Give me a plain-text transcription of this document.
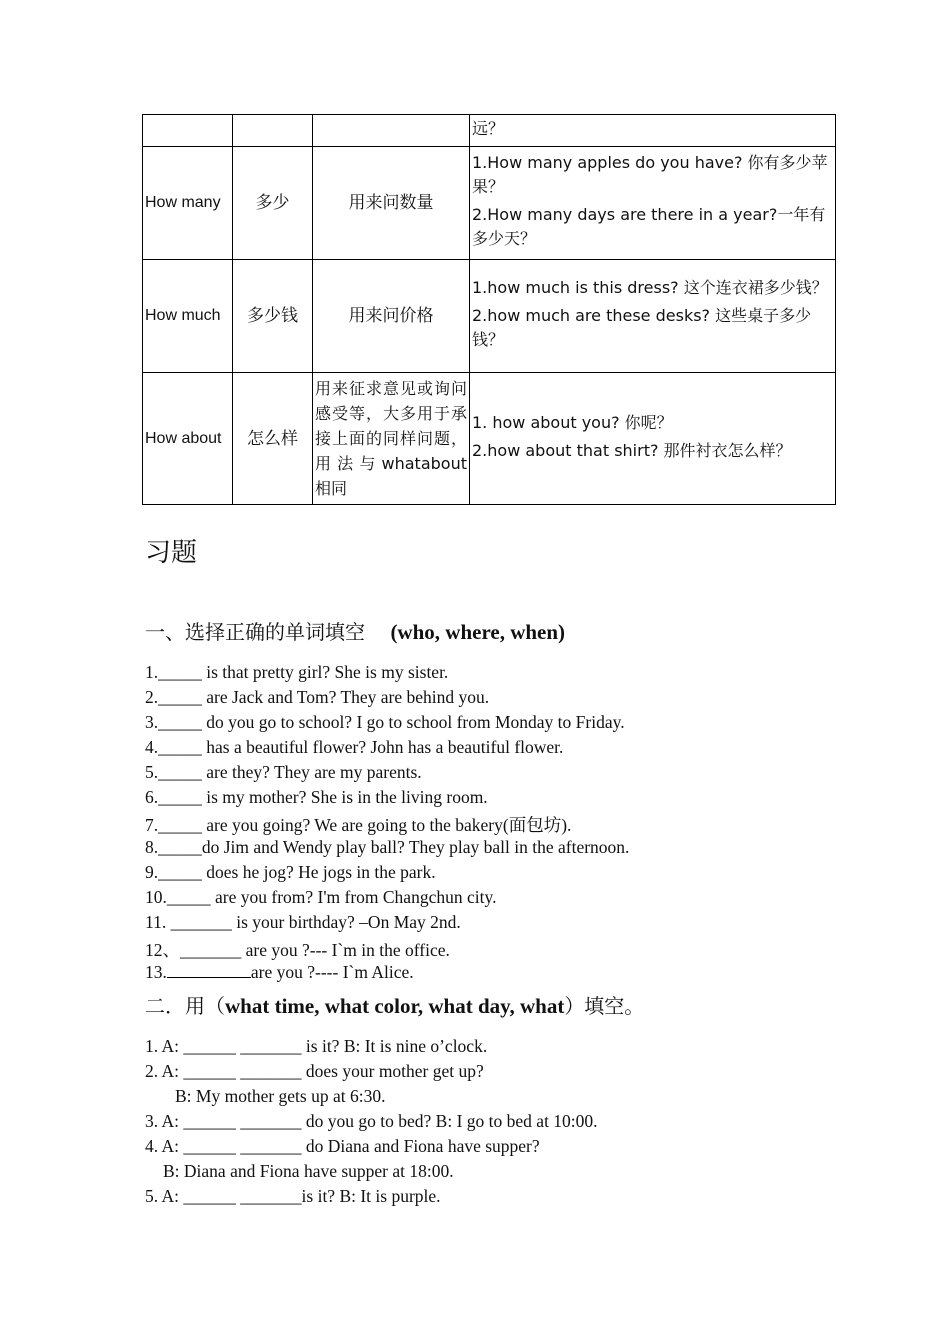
			远？

How many	多少	用来问数量	1.How many apples do you have? 你有多少苹果？
2.How many days are there in a year?一年有多少天？

How much	多少钱	用来问价格	1.how much is this dress? 这个连衣裙多少钱？
2.how much are these desks? 这些桌子多少钱？

How about	怎么样	用来征求意见或询问感受等，大多用于承接上面的同样问题，用法与whatabout 相同	1. how about you? 你呢？
2.how about that shirt? 那件衬衣怎么样？
习题
一、选择正确的单词填空 (who, where, when)
1._____ is that pretty girl? She is my sister.
2._____ are Jack and Tom? They are behind you.
3._____ do you go to school? I go to school from Monday to Friday.
4._____ has a beautiful flower? John has a beautiful flower.
5._____ are they? They are my parents.
6._____ is my mother? She is in the living room.
7._____ are you going? We are going to the bakery(面包坊).
8._____do Jim and Wendy play ball? They play ball in the afternoon.
9._____ does he jog? He jogs in the park.
10._____ are you from? I'm from Changchun city.
11. _______ is your birthday? –On May 2nd.
12、_______ are you ?--- I`m in the office.
13.	are you ?---- I`m Alice.
二．用（what time, what color, what day, what）填空。
1. A: ______ _______ is it? B: It is nine o’clock.
2. A: ______ _______ does your mother get up?
B: My mother gets up at 6:30.
3. A: ______ _______ do you go to bed? B: I go to bed at 10:00.
4. A: ______ _______ do Diana and Fiona have supper?
B: Diana and Fiona have supper at 18:00.
5. A: ______ _______is it? B: It is purple.
